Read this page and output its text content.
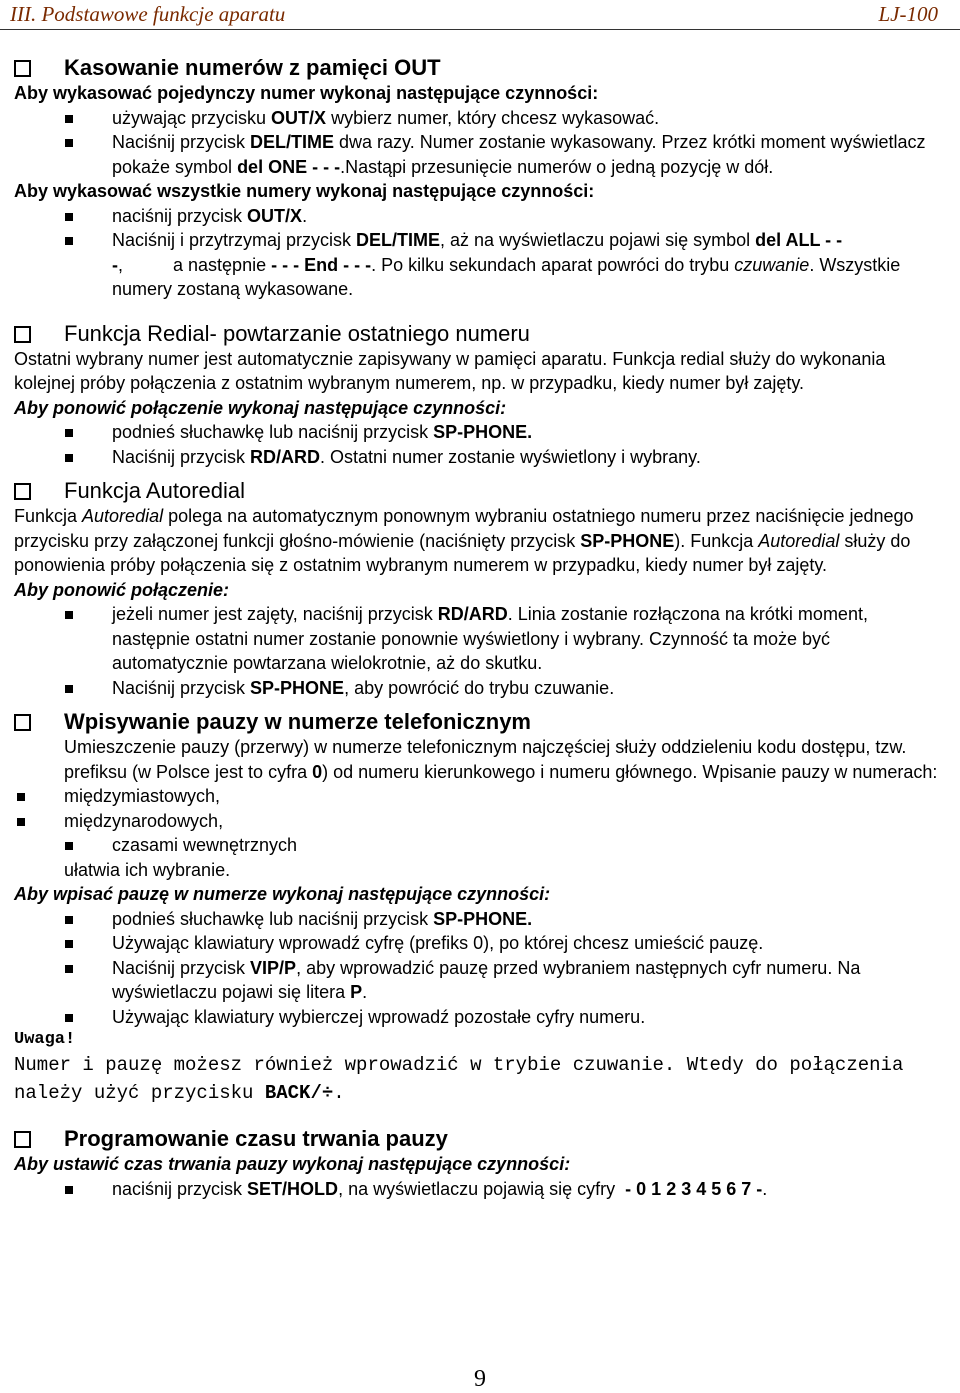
III. Podstawowe funkcje aparatu	LJ-100
Kasowanie numerów z pamięci OUT

Aby wykasować pojedynczy numer wykonaj następujące czynności:

używając przycisku OUT/X wybierz numer, który chcesz wykasować.
Naciśnij przycisk DEL/TIME dwa razy. Numer zostanie wykasowany. Przez krótki moment wyświetlacz pokaże symbol del ONE - - -.Nastąpi przesunięcie numerów o jedną pozycję w dół.

Aby wykasować wszystkie numery wykonaj następujące czynności:

naciśnij przycisk OUT/X.
Naciśnij i przytrzymaj przycisk DEL/TIME, aż na wyświetlaczu pojawi się symbol del ALL - - -,          a następnie - - - End - - -. Po kilku sekundach aparat powróci do trybu czuwanie. Wszystkie numery zostaną wykasowane.
Funkcja Redial- powtarzanie ostatniego numeru

Ostatni wybrany numer jest automatycznie zapisywany w pamięci aparatu. Funkcja redial służy do wykonania kolejnej próby połączenia z ostatnim wybranym numerem, np. w przypadku, kiedy numer był zajęty.

Aby ponowić połączenie wykonaj następujące czynności:

podnieś słuchawkę lub naciśnij przycisk SP-PHONE.
Naciśnij przycisk RD/ARD. Ostatni numer zostanie wyświetlony i wybrany.
Funkcja Autoredial

Funkcja Autoredial polega na automatycznym ponownym wybraniu ostatniego numeru przez naciśnięcie jednego przycisku przy załączonej funkcji głośno-mówienie (naciśnięty przycisk SP-PHONE). Funkcja Autoredial służy do ponowienia próby połączenia się z ostatnim wybranym numerem w przypadku, kiedy numer był zajęty.

Aby ponowić połączenie:

jeżeli numer jest zajęty, naciśnij przycisk RD/ARD. Linia zostanie rozłączona na krótki moment, następnie ostatni numer zostanie ponownie wyświetlony i wybrany. Czynność ta może być automatycznie powtarzana wielokrotnie, aż do skutku.
Naciśnij przycisk SP-PHONE, aby powrócić do trybu czuwanie.
Wpisywanie pauzy w numerze telefonicznym

Umieszczenie pauzy (przerwy) w numerze telefonicznym najczęściej służy oddzieleniu kodu dostępu, tzw. prefiksu (w Polsce jest to cyfra 0) od numeru kierunkowego i numeru głównego. Wpisanie pauzy w numerach:

międzymiastowych,
międzynarodowych,
czasami wewnętrznych

ułatwia ich wybranie.

Aby wpisać pauzę w numerze wykonaj następujące czynności:

podnieś słuchawkę lub naciśnij przycisk SP-PHONE.
Używając klawiatury wprowadź cyfrę (prefiks 0), po której chcesz umieścić pauzę.
Naciśnij przycisk VIP/P, aby wprowadzić pauzę przed wybraniem następnych cyfr numeru. Na wyświetlaczu pojawi się litera P.
Używając klawiatury wybierczej wprowadź pozostałe cyfry numeru.

Uwaga!

Numer i pauzę możesz również wprowadzić w trybie czuwanie. Wtedy do połączenia należy użyć przycisku BACK/÷.

Programowanie czasu trwania pauzy

Aby ustawić czas trwania pauzy wykonaj następujące czynności:

naciśnij przycisk SET/HOLD, na wyświetlaczu pojawią się cyfry  - 0 1 2 3 4 5 6 7 -.
9
